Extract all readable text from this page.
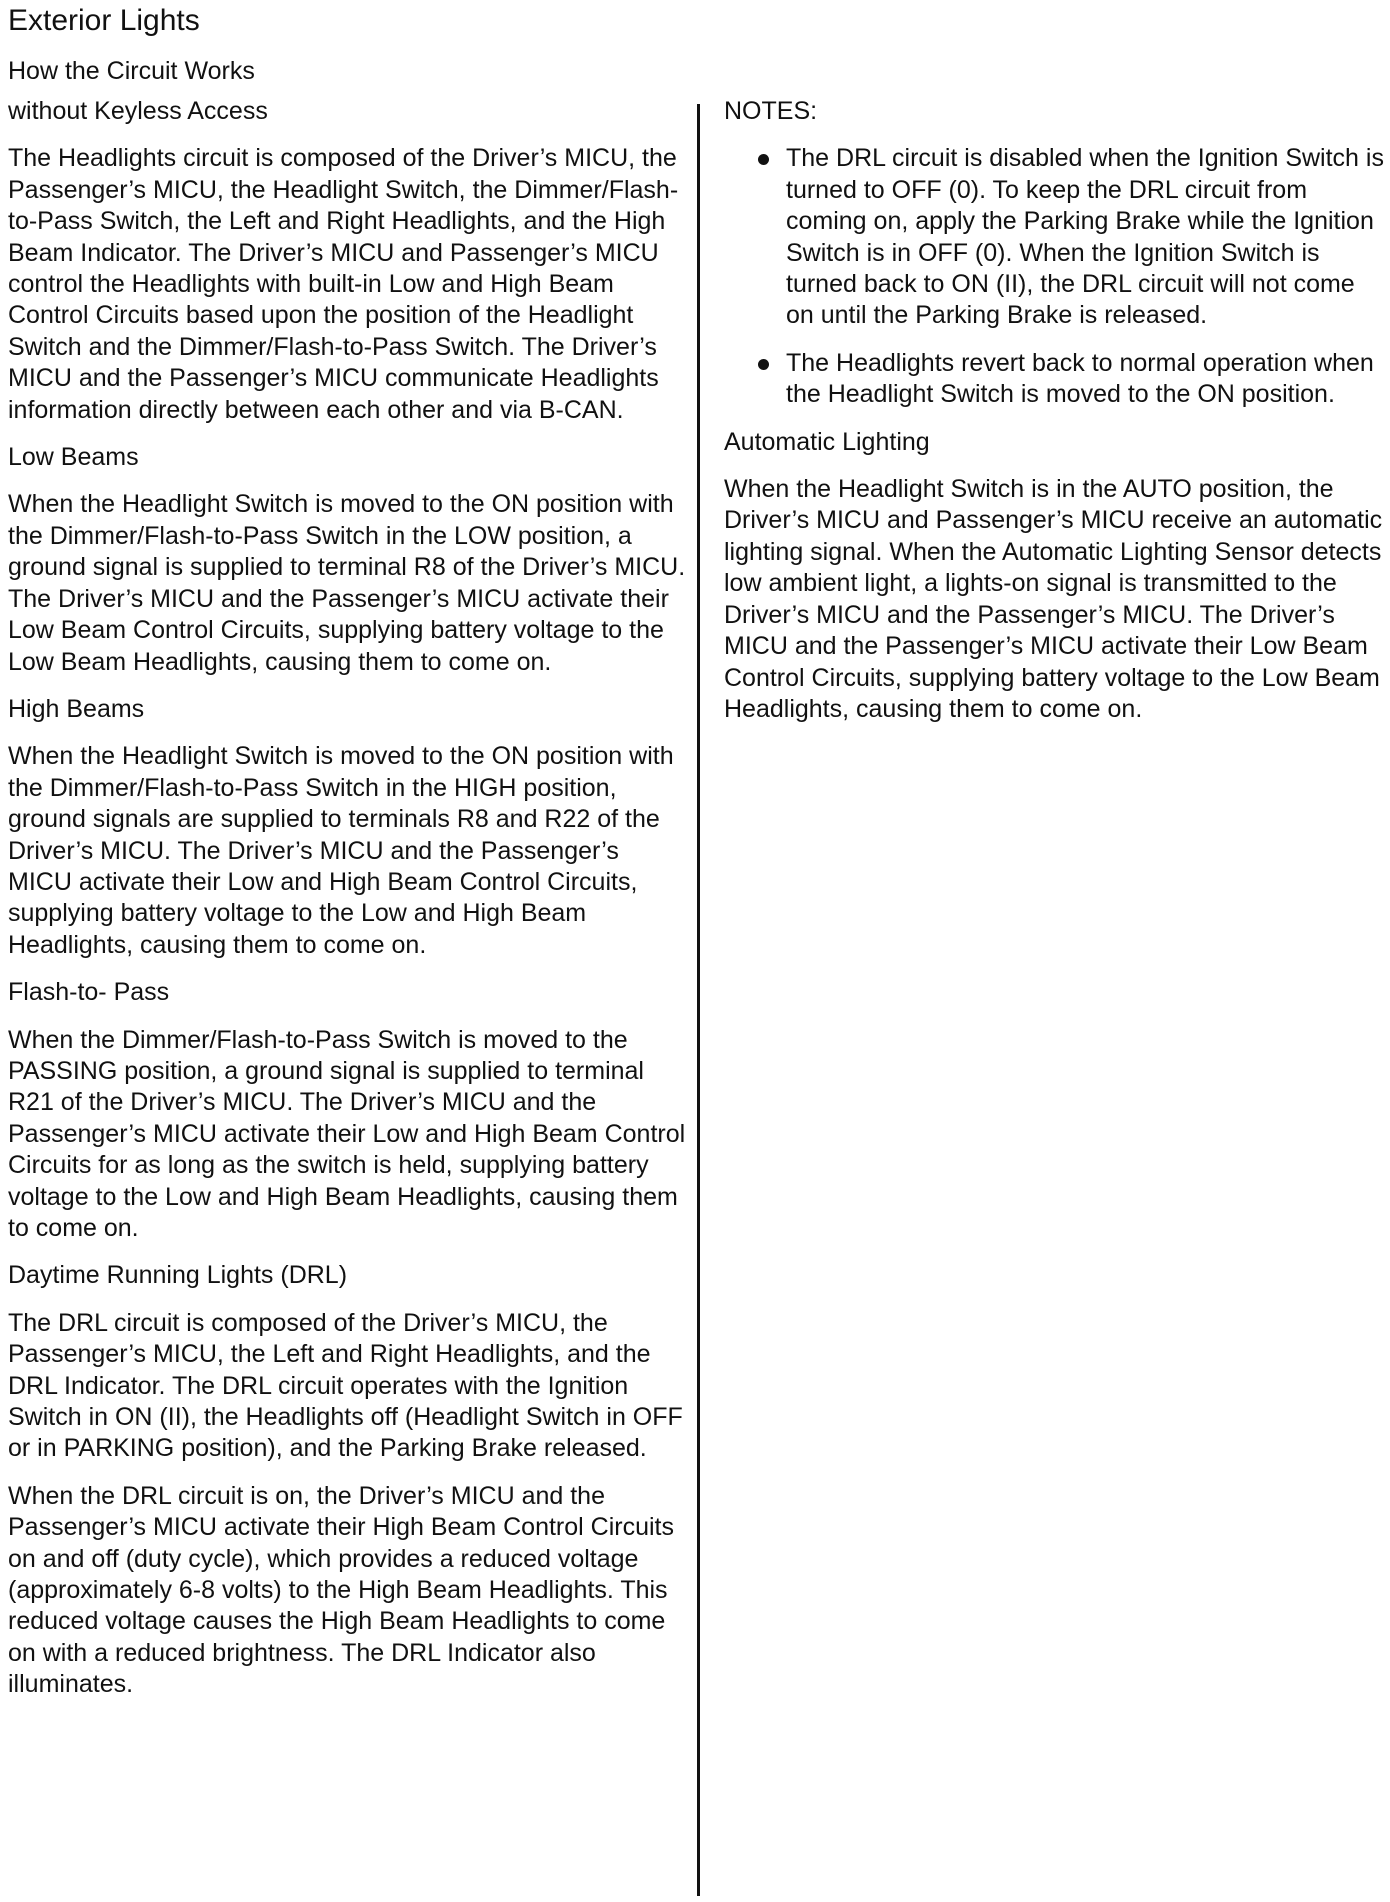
Exterior Lights
How the Circuit Works
without Keyless Access

The Headlights circuit is composed of the Driver’s MICU, the Passenger’s MICU, the Headlight Switch, the Dimmer/Flash-to-Pass Switch, the Left and Right Headlights, and the High Beam Indicator. The Driver’s MICU and Passenger’s MICU control the Headlights with built-in Low and High Beam Control Circuits based upon the position of the Headlight Switch and the Dimmer/Flash-to-Pass Switch. The Driver’s MICU and the Passenger’s MICU communicate Headlights information directly between each other and via B-CAN.

Low Beams

When the Headlight Switch is moved to the ON position with the Dimmer/Flash-to-Pass Switch in the LOW position, a ground signal is supplied to terminal R8 of the Driver’s MICU. The Driver’s MICU and the Passenger’s MICU activate their Low Beam Control Circuits, supplying battery voltage to the Low Beam Headlights, causing them to come on.

High Beams

When the Headlight Switch is moved to the ON position with the Dimmer/Flash-to-Pass Switch in the HIGH position, ground signals are supplied to terminals R8 and R22 of the Driver’s MICU. The Driver’s MICU and the Passenger’s MICU activate their Low and High Beam Control Circuits, supplying battery voltage to the Low and High Beam Headlights, causing them to come on.

Flash-to- Pass

When the Dimmer/Flash-to-Pass Switch is moved to the PASSING position, a ground signal is supplied to terminal R21 of the Driver’s MICU. The Driver’s MICU and the Passenger’s MICU activate their Low and High Beam Control Circuits for as long as the switch is held, supplying battery voltage to the Low and High Beam Headlights, causing them to come on.

Daytime Running Lights (DRL)

The DRL circuit is composed of the Driver’s MICU, the Passenger’s MICU, the Left and Right Headlights, and the DRL Indicator. The DRL circuit operates with the Ignition Switch in ON (II), the Headlights off (Headlight Switch in OFF or in PARKING position), and the Parking Brake released.

When the DRL circuit is on, the Driver’s MICU and the Passenger’s MICU activate their High Beam Control Circuits on and off (duty cycle), which provides a reduced voltage (approximately 6-8 volts) to the High Beam Headlights. This reduced voltage causes the High Beam Headlights to come on with a reduced brightness. The DRL Indicator also illuminates.

NOTES:
The DRL circuit is disabled when the Ignition Switch is turned to OFF (0). To keep the DRL circuit from coming on, apply the Parking Brake while the Ignition Switch is in OFF (0). When the Ignition Switch is turned back to ON (II), the DRL circuit will not come on until the Parking Brake is released.
The Headlights revert back to normal operation when the Headlight Switch is moved to the ON position.
Automatic Lighting

When the Headlight Switch is in the AUTO position, the Driver’s MICU and Passenger’s MICU receive an automatic lighting signal. When the Automatic Lighting Sensor detects low ambient light, a lights-on signal is transmitted to the Driver’s MICU and the Passenger’s MICU. The Driver’s MICU and the Passenger’s MICU activate their Low Beam Control Circuits, supplying battery voltage to the Low Beam Headlights, causing them to come on.
